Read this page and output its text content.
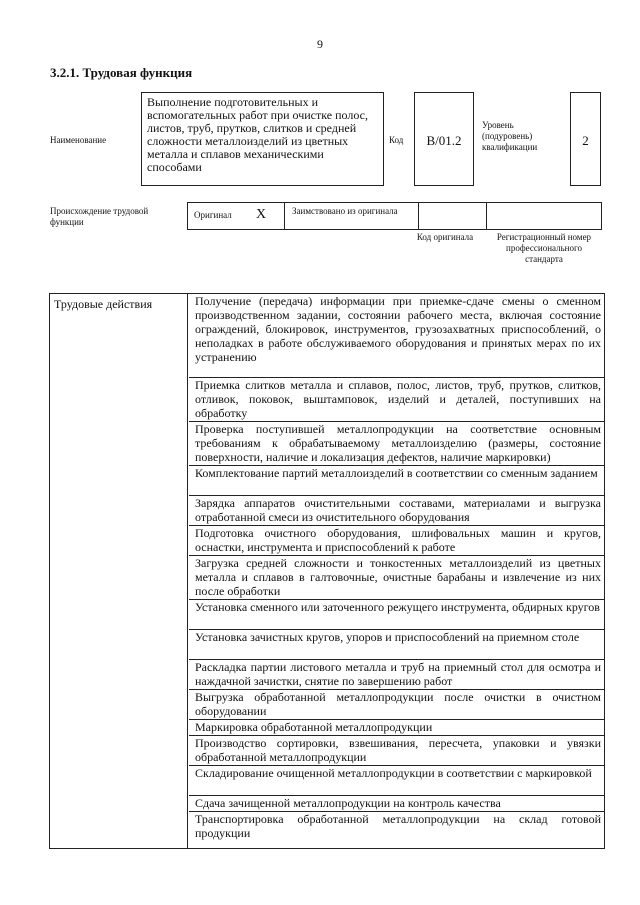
9
3.2.1. Трудовая функция
Наименование
Выполнение подготовительных и вспомогательных работ при очистке полос, листов, труб, прутков, слитков и средней сложности металлоизделий из цветных металла и сплавов механическими способами
Код	В/01.2
Уровень (подуровень) квалификации	2
Происхождение трудовой функции
Оригинал Х	Заимствовано из оригинала
Код оригинала	Регистрационный номер профессионального стандарта
Трудовые действия	Получение (передача) информации при приемке-сдаче смены о сменном производственном задании, состоянии рабочего места, включая состояние ограждений, блокировок, инструментов, грузозахватных приспособлений, о неполадках в работе обслуживаемого оборудования и принятых мерах по их устранению
Приемка слитков металла и сплавов, полос, листов, труб, прутков, слитков, отливок, поковок, выштамповок, изделий и деталей, поступивших на обработку
Проверка поступившей металлопродукции на соответствие основным требованиям к обрабатываемому металлоизделию (размеры, состояние поверхности, наличие и локализация дефектов, наличие маркировки)
Комплектование партий металлоизделий в соответствии со сменным заданием
Зарядка аппаратов очистительными составами, материалами и выгрузка отработанной смеси из очистительного оборудования
Подготовка очистного оборудования, шлифовальных машин и кругов, оснастки, инструмента и приспособлений к работе
Загрузка средней сложности и тонкостенных металлоизделий из цветных металла и сплавов в галтовочные, очистные барабаны и извлечение из них после обработки
Установка сменного или заточенного режущего инструмента, обдирных кругов
Установка зачистных кругов, упоров и приспособлений на приемном столе
Раскладка партии листового металла и труб на приемный стол для осмотра и наждачной зачистки, снятие по завершению работ
Выгрузка обработанной металлопродукции после очистки в очистном оборудовании
Маркировка обработанной металлопродукции
Производство сортировки, взвешивания, пересчета, упаковки и увязки обработанной металлопродукции
Складирование очищенной металлопродукции в соответствии с маркировкой
Сдача зачищенной металлопродукции на контроль качества
Транспортировка обработанной металлопродукции на склад готовой продукции
